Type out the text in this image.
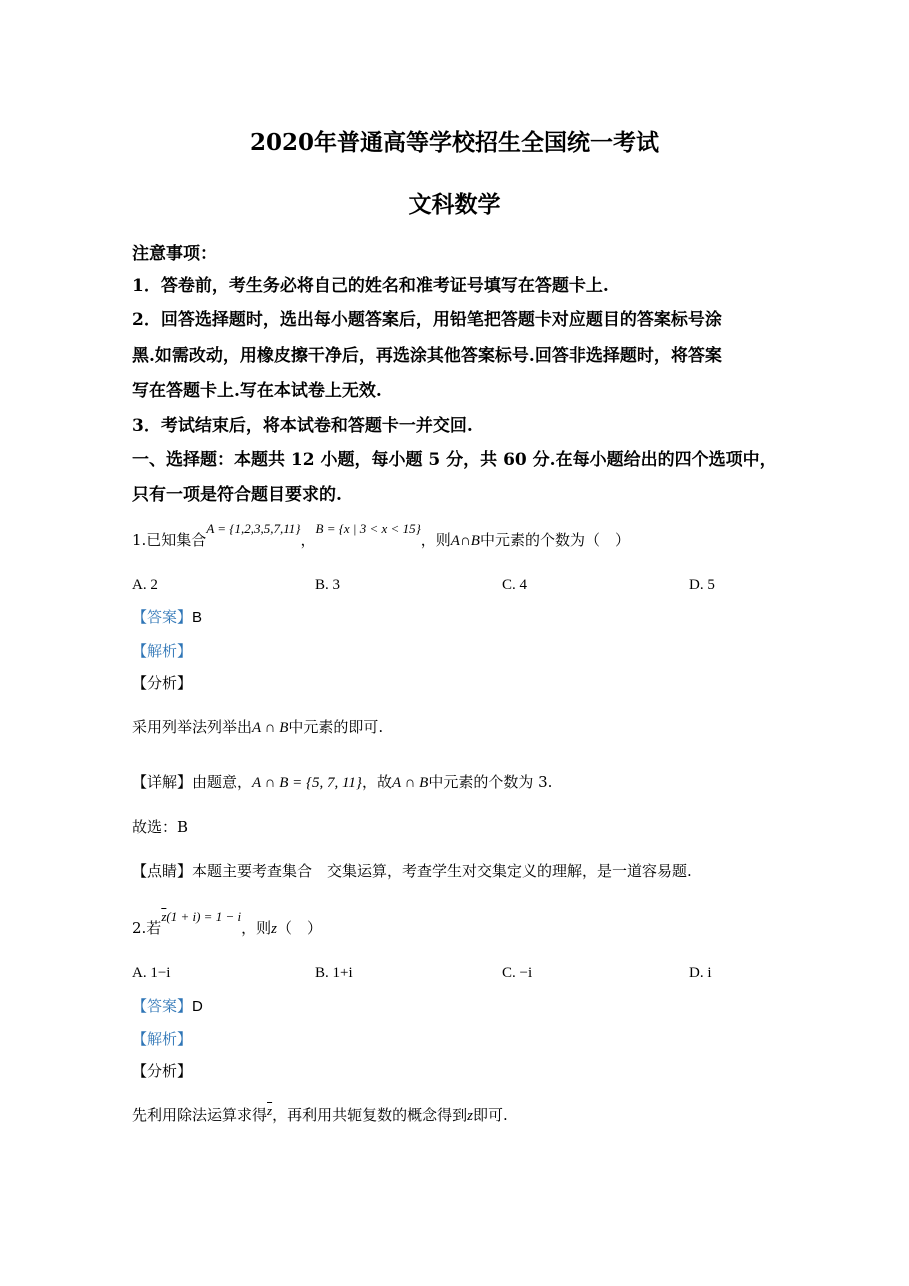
2020年普通高等学校招生全国统一考试
文科数学
注意事项：
1．答卷前，考生务必将自己的姓名和准考证号填写在答题卡上.
2．回答选择题时，选出每小题答案后，用铅笔把答题卡对应题目的答案标号涂
黑.如需改动，用橡皮擦干净后，再选涂其他答案标号.回答非选择题时，将答案
写在答题卡上.写在本试卷上无效.
3．考试结束后，将本试卷和答题卡一并交回.
一、选择题：本题共 12 小题，每小题 5 分，共 60 分.在每小题给出的四个选项中，
只有一项是符合题目要求的.
1.已知集合A = {1,2,3,5,7,11}，B = {x | 3 < x < 15}，则A∩B中元素的个数为（　）
A. 2	B. 3	C. 4	D. 5
【答案】B
【解析】
【分析】
采用列举法列举出A ∩ B中元素的即可.
【详解】由题意，A ∩ B = {5, 7, 11}，故A ∩ B中元素的个数为 3.
故选：B
【点睛】本题主要考查集合　交集运算，考查学生对交集定义的理解，是一道容易题.
2.若$\overline{z}(1 + i) = 1 - i$，则z（　）
A. 1−i	B. 1+i	C. −i	D. i
【答案】D
【解析】
【分析】
先利用除法运算求得$\overline{z}$，再利用共轭复数的概念得到z即可.
